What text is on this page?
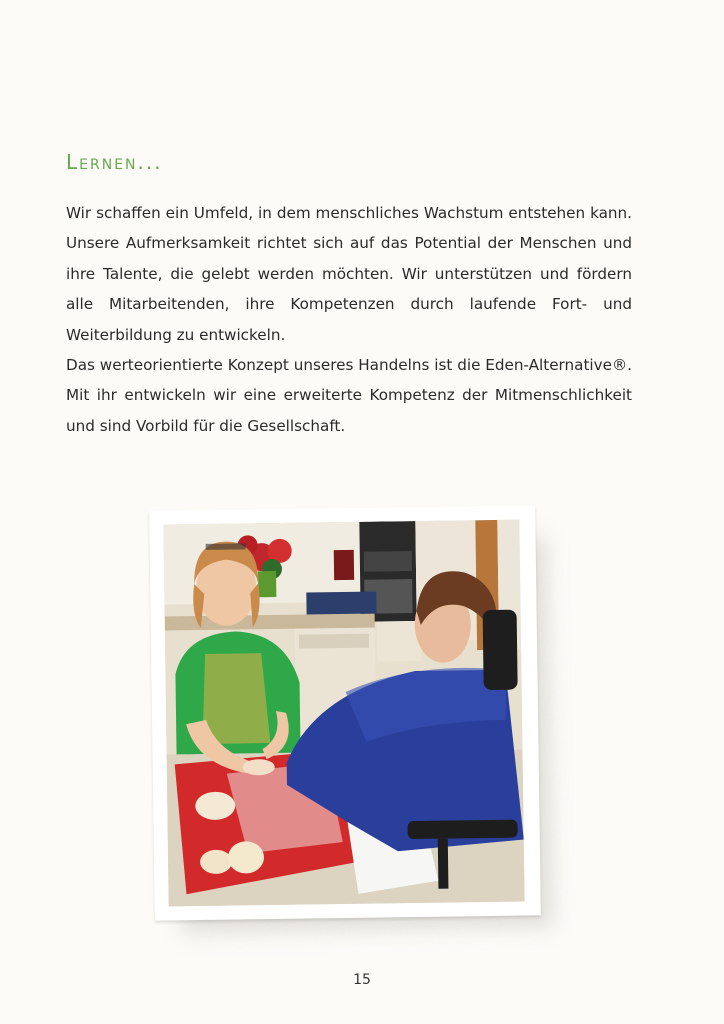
Lernen...

Wir schaffen ein Umfeld, in dem menschliches Wachstum entstehen kann. Unsere Aufmerksamkeit richtet sich auf das Potential der Menschen und ihre Talente, die gelebt werden möchten. Wir unterstützen und fördern alle Mitarbeitenden, ihre Kompetenzen durch laufende Fort- und Weiterbildung zu entwickeln.

Das werteorientierte Konzept unseres Handelns ist die Eden-Alternative®. Mit ihr entwickeln wir eine erweiterte Kompetenz der Mitmenschlichkeit und sind Vorbild für die Gesellschaft.

15
